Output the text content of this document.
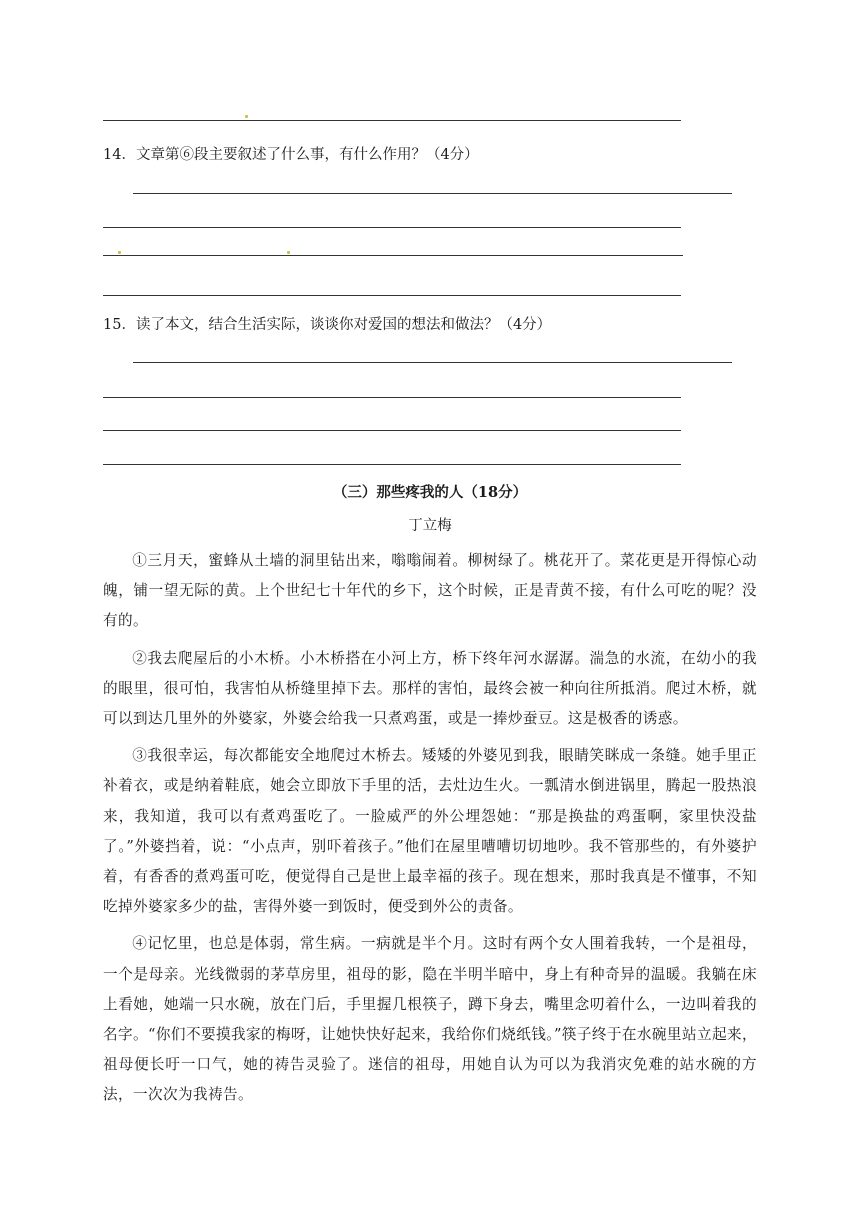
14．文章第⑥段主要叙述了什么事，有什么作用？（4分）
15．读了本文，结合生活实际，谈谈你对爱国的想法和做法？（4分）
（三）那些疼我的人（18分）
丁立梅

①三月天，蜜蜂从土墙的洞里钻出来，嗡嗡闹着。柳树绿了。桃花开了。菜花更是开得惊心动魄，铺一望无际的黄。上个世纪七十年代的乡下，这个时候，正是青黄不接，有什么可吃的呢？没有的。

②我去爬屋后的小木桥。小木桥搭在小河上方，桥下终年河水潺潺。湍急的水流，在幼小的我的眼里，很可怕，我害怕从桥缝里掉下去。那样的害怕，最终会被一种向往所抵消。爬过木桥，就可以到达几里外的外婆家，外婆会给我一只煮鸡蛋，或是一捧炒蚕豆。这是极香的诱惑。

③我很幸运，每次都能安全地爬过木桥去。矮矮的外婆见到我，眼睛笑眯成一条缝。她手里正补着衣，或是纳着鞋底，她会立即放下手里的活，去灶边生火。一瓢清水倒进锅里，腾起一股热浪来，我知道，我可以有煮鸡蛋吃了。一脸威严的外公埋怨她：“那是换盐的鸡蛋啊，家里快没盐了。”外婆挡着，说：“小点声，别吓着孩子。”他们在屋里嘈嘈切切地吵。我不管那些的，有外婆护着，有香香的煮鸡蛋可吃，便觉得自己是世上最幸福的孩子。现在想来，那时我真是不懂事，不知吃掉外婆家多少的盐，害得外婆一到饭时，便受到外公的责备。

④记忆里，也总是体弱，常生病。一病就是半个月。这时有两个女人围着我转，一个是祖母，一个是母亲。光线微弱的茅草房里，祖母的影，隐在半明半暗中，身上有种奇异的温暖。我躺在床上看她，她端一只水碗，放在门后，手里握几根筷子，蹲下身去，嘴里念叨着什么，一边叫着我的名字。“你们不要摸我家的梅呀，让她快快好起来，我给你们烧纸钱。”筷子终于在水碗里站立起来，祖母便长吁一口气，她的祷告灵验了。迷信的祖母，用她自认为可以为我消灾免难的站水碗的方法，一次次为我祷告。
